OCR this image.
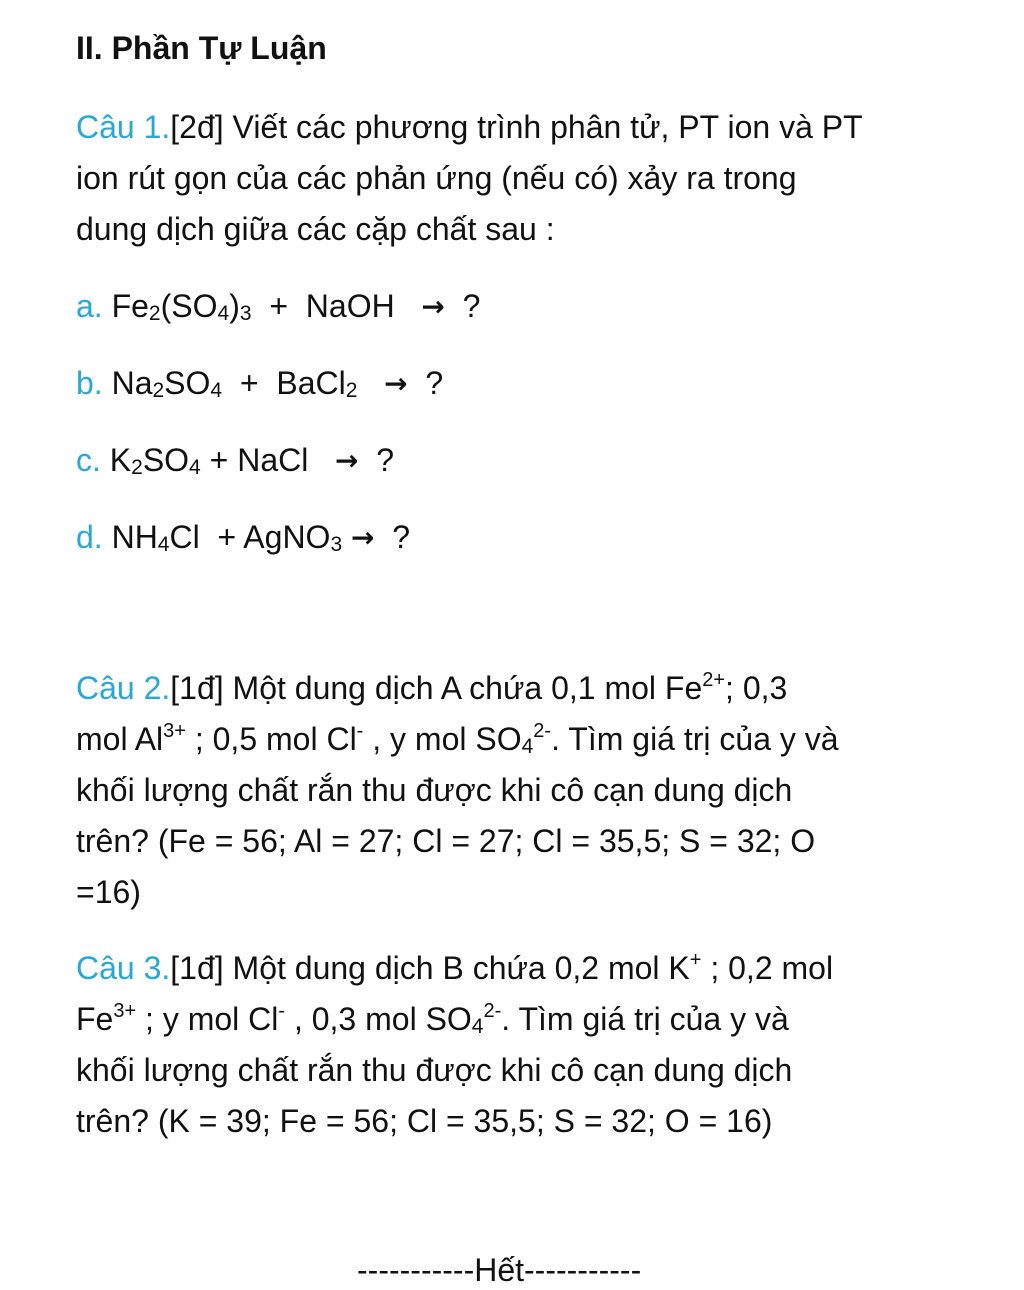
II. Phần Tự Luận
Câu 1.[2đ] Viết các phương trình phân tử, PT ion và PT
ion rút gọn của các phản ứng (nếu có) xảy ra trong
dung dịch giữa các cặp chất sau :
a. Fe2(SO4)3  +  NaOH → ?
b. Na2SO4  +  BaCl2 → ?
c. K2SO4 + NaCl → ?
d. NH4Cl  + AgNO3 → ?
Câu 2.[1đ] Một dung dịch A chứa 0,1 mol $Fe^{2+}$; 0,3
mol $Al^{3+}$ ; 0,5 mol Cl- , y mol $SO4^{2-}$. Tìm giá trị của y và
khối lượng chất rắn thu được khi cô cạn dung dịch
trên? (Fe = 56; Al = 27; Cl = 27; Cl = 35,5; S = 32; O
=16)
Câu 3.[1đ] Một dung dịch B chứa 0,2 mol K+ ; 0,2 mol
$Fe^{3+}$ ; y mol Cl- , 0,3 mol $SO4^{2-}$. Tìm giá trị của y và
khối lượng chất rắn thu được khi cô cạn dung dịch
trên? (K = 39; Fe = 56; Cl = 35,5; S = 32; O = 16)
-----------Hết-----------
